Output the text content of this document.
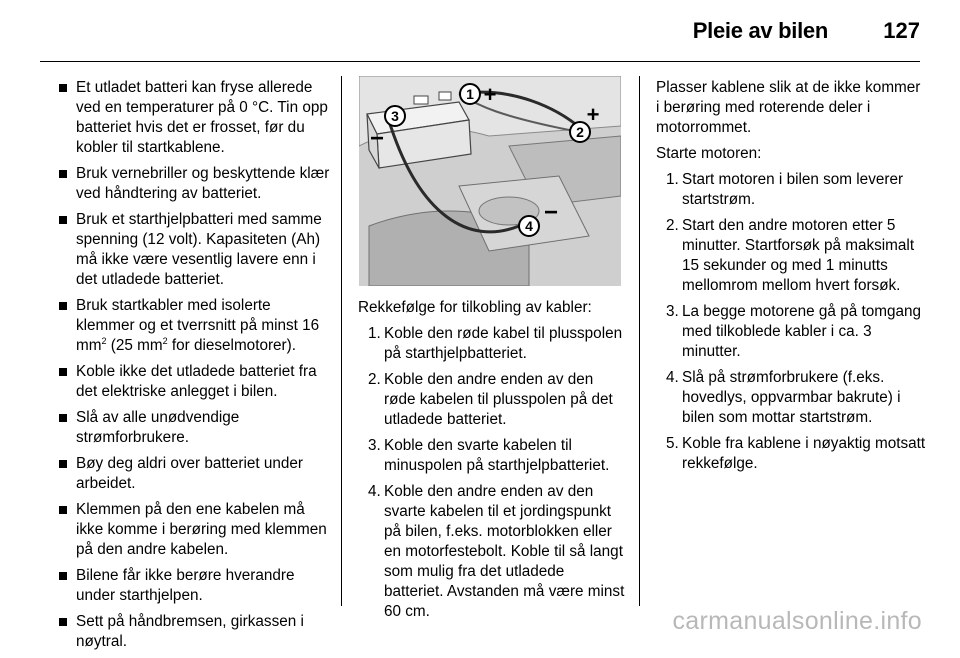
Pleie av bilen	127
Et utladet batteri kan fryse allerede ved en temperaturer på 0 °C. Tin opp batteriet hvis det er frosset, før du kobler til startkablene.
Bruk vernebriller og beskyttende klær ved håndtering av batteriet.
Bruk et starthjelpbatteri med samme spenning (12 volt). Kapasiteten (Ah) må ikke være vesentlig lavere enn i det utladede batteriet.
Bruk startkabler med isolerte klemmer og et tverrsnitt på minst 16 $mm^2$ (25 $mm^2$ for dieselmotorer).
Koble ikke det utladede batteriet fra det elektriske anlegget i bilen.
Slå av alle unødvendige strømforbrukere.
Bøy deg aldri over batteriet under arbeidet.
Klemmen på den ene kabelen må ikke komme i berøring med klemmen på den andre kabelen.
Bilene får ikke berøre hverandre under starthjelpen.
Sett på håndbremsen, girkassen i nøytral.
1 +
2
+
3
−
4 −

Rekkefølge for tilkobling av kabler:

1. Koble den røde kabel til plusspolen på starthjelpbatteriet.
2. Koble den andre enden av den røde kabelen til plusspolen på det utladede batteriet.
3. Koble den svarte kabelen til minuspolen på starthjelpbatteriet.
4. Koble den andre enden av den svarte kabelen til et jordingspunkt på bilen, f.eks. motorblokken eller en motorfestebolt. Koble til så langt som mulig fra det utladede batteriet. Avstanden må være minst 60 cm.

Plasser kablene slik at de ikke kommer i berøring med roterende deler i motorrommet.

Starte motoren:

1. Start motoren i bilen som leverer startstrøm.
2. Start den andre motoren etter 5 minutter. Startforsøk på maksimalt 15 sekunder og med 1 minutts mellomrom mellom hvert forsøk.
3. La begge motorene gå på tomgang med tilkoblede kabler i ca. 3 minutter.
4. Slå på strømforbrukere (f.eks. hovedlys, oppvarmbar bakrute) i bilen som mottar startstrøm.
5. Koble fra kablene i nøyaktig motsatt rekkefølge.
carmanualsonline.info
